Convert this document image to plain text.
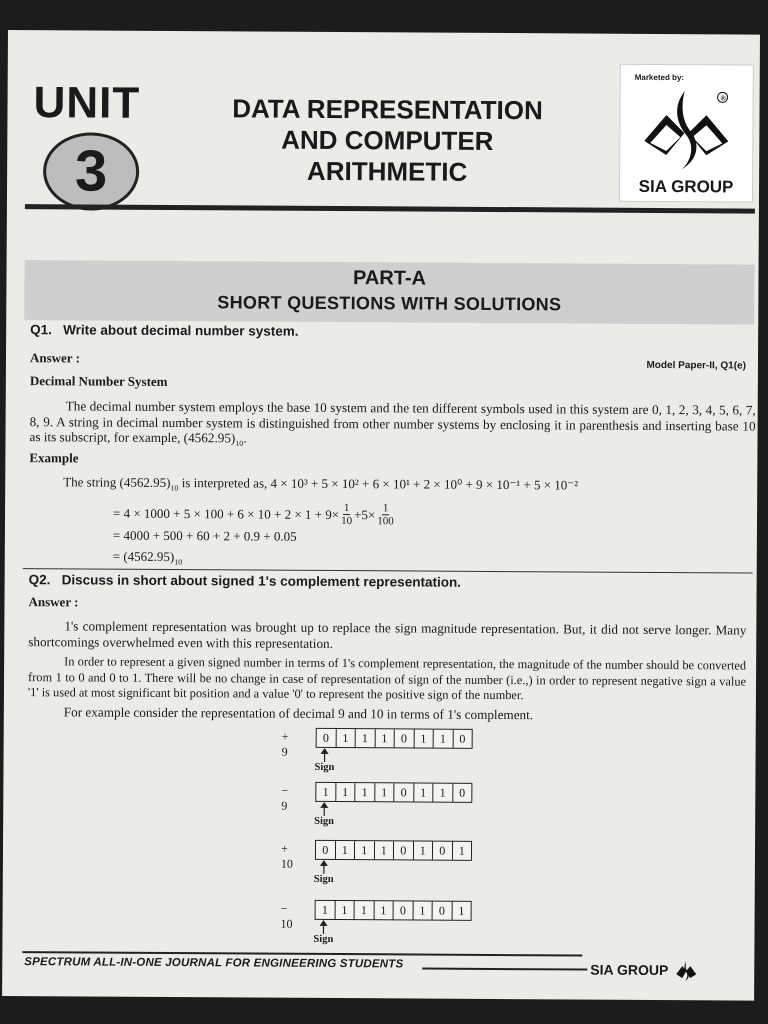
UNIT
3
DATA REPRESENTATION
AND COMPUTER
ARITHMETIC
Marketed by:
®
SIA GROUP
PART-A
SHORT QUESTIONS WITH SOLUTIONS
Q1. Write about decimal number system.
Answer :
Model Paper-II, Q1(e)
Decimal Number System
The decimal number system employs the base 10 system and the ten different symbols used in this system are 0, 1, 2, 3, 4, 5, 6, 7, 8, 9. A string in decimal number system is distinguished from other number systems by enclosing it in parenthesis and inserting base 10 as its subscript, for example, $(4562.95)_{10}$.
Example
The string $(4562.95)_{10}$ is interpreted as, 4 × 10³ + 5 × 10² + 6 × 10¹ + 2 × 10⁰ + 9 × 10⁻¹ + 5 × 10⁻²
= $4 \times 1000 + 5 \times 100 + 6 \times 10 + 2 \times 1 + 9\times \frac{1}{10} +5\times \frac{1}{100}$
= 4000 + 500 + 60 + 2 + 0.9 + 0.05
= $(4562.95)_{10}$
Q2. Discuss in short about signed 1's complement representation.
Answer :
1's complement representation was brought up to replace the sign magnitude representation. But, it did not serve longer. Many shortcomings overwhelmed even with this representation.
In order to represent a given signed number in terms of 1's complement representation, the magnitude of the number should be converted from 1 to 0 and 0 to 1. There will be no change in case of representation of sign of the number (i.e.,) in order to represent negative sign a value '1' is used at most significant bit position and a value '0' to represent the positive sign of the number.
For example consider the representation of decimal 9 and 10 in terms of 1's complement.
+ 9
0	1	1	1	0	1	1	0
Sign
− 9
1	1	1	1	0	1	1	0
Sign
+ 10
0	1	1	1	0	1	0	1
Sign
− 10
1	1	1	1	0	1	0	1
Sign
SPECTRUM ALL-IN-ONE JOURNAL FOR ENGINEERING STUDENTS	SIA GROUP
